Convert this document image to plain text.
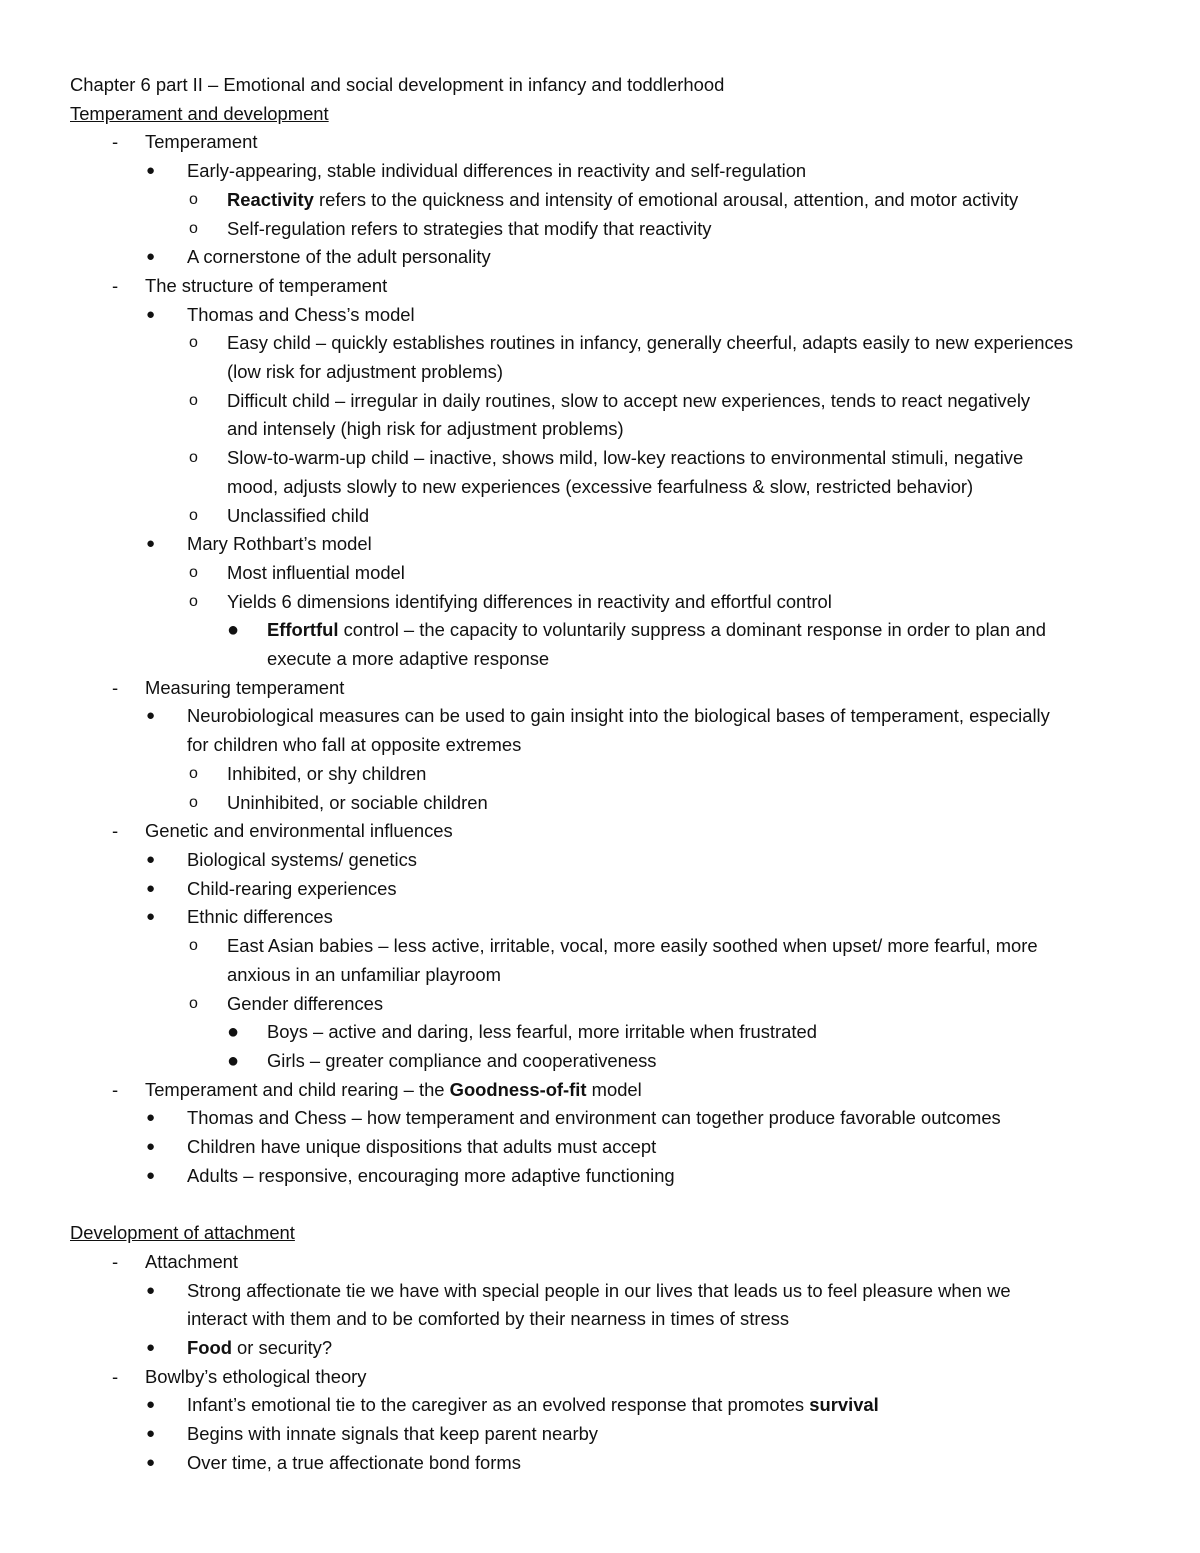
Chapter 6 part II – Emotional and social development in infancy and toddlerhood
Temperament and development
- Temperament
● Early-appearing, stable individual differences in reactivity and self-regulation
o Reactivity refers to the quickness and intensity of emotional arousal, attention, and motor activity
o Self-regulation refers to strategies that modify that reactivity
● A cornerstone of the adult personality
- The structure of temperament
● Thomas and Chess’s model
o Easy child – quickly establishes routines in infancy, generally cheerful, adapts easily to new experiences
(low risk for adjustment problems)
o Difficult child – irregular in daily routines, slow to accept new experiences, tends to react negatively
and intensely (high risk for adjustment problems)
o Slow-to-warm-up child – inactive, shows mild, low-key reactions to environmental stimuli, negative
mood, adjusts slowly to new experiences (excessive fearfulness & slow, restricted behavior)
o Unclassified child
● Mary Rothbart’s model
o Most influential model
o Yields 6 dimensions identifying differences in reactivity and effortful control
● Effortful control – the capacity to voluntarily suppress a dominant response in order to plan and
execute a more adaptive response
- Measuring temperament
● Neurobiological measures can be used to gain insight into the biological bases of temperament, especially
for children who fall at opposite extremes
o Inhibited, or shy children
o Uninhibited, or sociable children
- Genetic and environmental influences
● Biological systems/ genetics
● Child-rearing experiences
● Ethnic differences
o East Asian babies – less active, irritable, vocal, more easily soothed when upset/ more fearful, more
anxious in an unfamiliar playroom
o Gender differences
● Boys – active and daring, less fearful, more irritable when frustrated
● Girls – greater compliance and cooperativeness
- Temperament and child rearing – the Goodness-of-fit model
● Thomas and Chess – how temperament and environment can together produce favorable outcomes
● Children have unique dispositions that adults must accept
● Adults – responsive, encouraging more adaptive functioning
Development of attachment
- Attachment
● Strong affectionate tie we have with special people in our lives that leads us to feel pleasure when we
interact with them and to be comforted by their nearness in times of stress
● Food or security?
- Bowlby’s ethological theory
● Infant’s emotional tie to the caregiver as an evolved response that promotes survival
● Begins with innate signals that keep parent nearby
● Over time, a true affectionate bond forms
